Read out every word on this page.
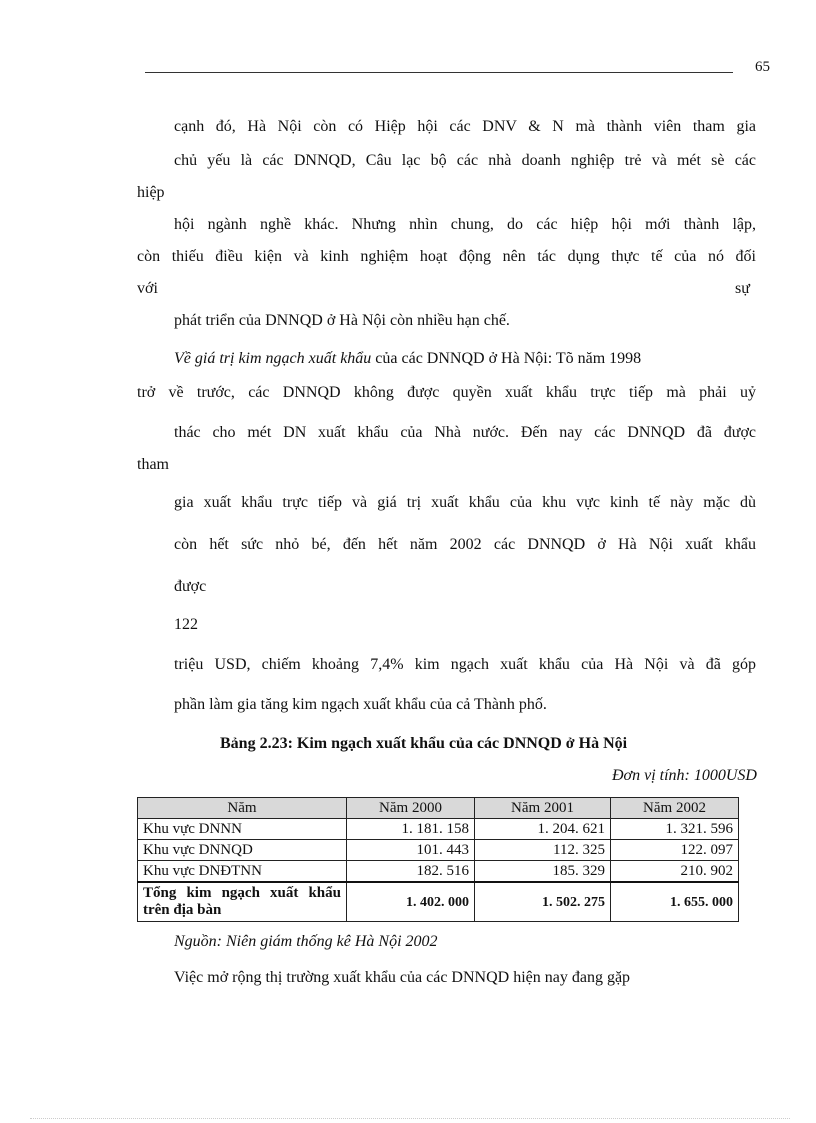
65
cạnh đó, Hà Nội còn có Hiệp hội các DNV & N mà thành viên tham gia
chủ yếu là các DNNQD, Câu lạc bộ các nhà doanh nghiệp trẻ và mét sè các
hiệp
hội ngành nghề khác. Nhưng nhìn chung, do các hiệp hội mới thành lập,
còn thiếu điều kiện và kinh nghiệm hoạt động nên tác dụng thực tế của nó đối
với	sự
phát triển của DNNQD ở Hà Nội còn nhiều hạn chế.
Về giá trị kim ngạch xuất khẩu của các DNNQD ở Hà Nội: Tõ năm 1998
trở về trước, các DNNQD không được quyền xuất khẩu trực tiếp mà phải uỷ
thác cho mét DN xuất khẩu của Nhà nước. Đến nay các DNNQD đã được
tham
gia xuất khẩu trực tiếp và giá trị xuất khẩu của khu vực kinh tế này mặc dù
còn hết sức nhỏ bé, đến hết năm 2002 các DNNQD ở Hà Nội xuất khẩu
được
122
triệu USD, chiếm khoảng 7,4% kim ngạch xuất khẩu của Hà Nội và đã góp
phần làm gia tăng kim ngạch xuất khẩu của cả Thành phố.
Bảng 2.23: Kim ngạch xuất khẩu của các DNNQD ở Hà Nội
Đơn vị tính: 1000USD
Năm	Năm 2000	Năm 2001	Năm 2002
Khu vực DNNN	1. 181. 158	1. 204. 621	1. 321. 596
Khu vực DNNQD	101. 443	112. 325	122. 097
Khu vực DNĐTNN	182. 516	185. 329	210. 902
Tổng kim ngạch xuất khẩu trên địa bàn	1. 402. 000	1. 502. 275	1. 655. 000
Nguồn: Niên giám thống kê Hà Nội 2002
Việc mở rộng thị trường xuất khẩu của các DNNQD hiện nay đang gặp
